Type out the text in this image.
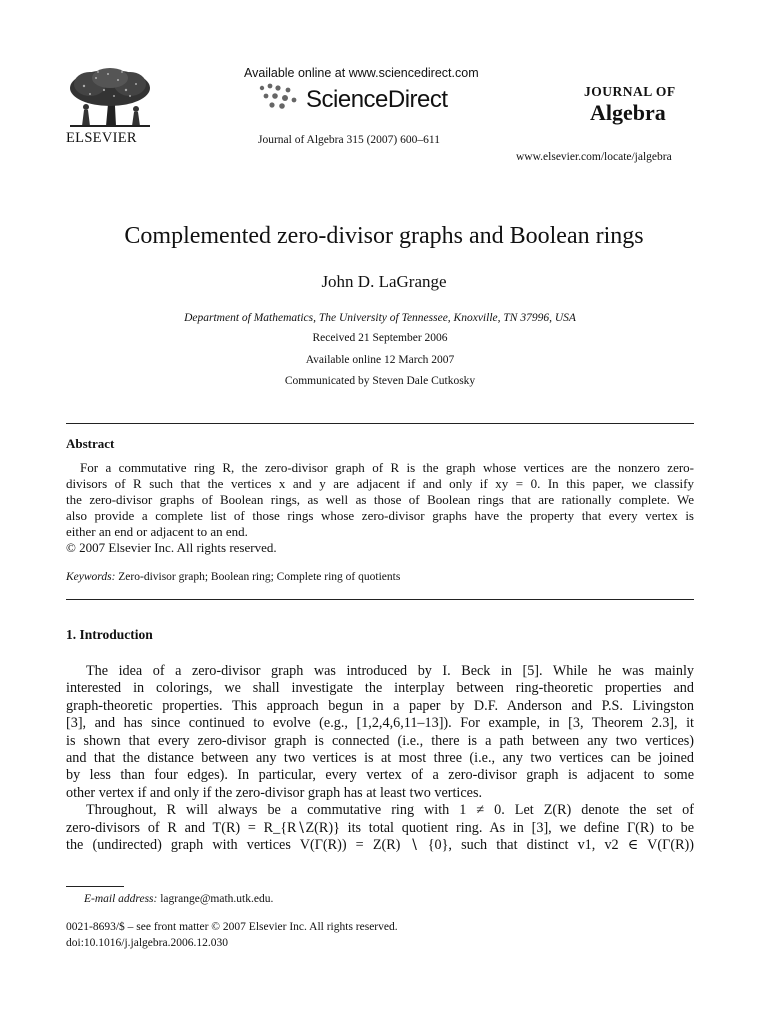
ELSEVIER
Available online at www.sciencedirect.com
ScienceDirect
Journal of Algebra 315 (2007) 600–611
JOURNAL OF
Algebra
www.elsevier.com/locate/jalgebra
Complemented zero-divisor graphs and Boolean rings
John D. LaGrange
Department of Mathematics, The University of Tennessee, Knoxville, TN 37996, USA
Received 21 September 2006
Available online 12 March 2007
Communicated by Steven Dale Cutkosky
Abstract
For a commutative ring R, the zero-divisor graph of R is the graph whose vertices are the nonzero zero-
divisors of R such that the vertices x and y are adjacent if and only if xy = 0. In this paper, we classify
the zero-divisor graphs of Boolean rings, as well as those of Boolean rings that are rationally complete. We
also provide a complete list of those rings whose zero-divisor graphs have the property that every vertex is
either an end or adjacent to an end.
© 2007 Elsevier Inc. All rights reserved.
Keywords: Zero-divisor graph; Boolean ring; Complete ring of quotients
1. Introduction
The idea of a zero-divisor graph was introduced by I. Beck in [5]. While he was mainly
interested in colorings, we shall investigate the interplay between ring-theoretic properties and
graph-theoretic properties. This approach begun in a paper by D.F. Anderson and P.S. Livingston
[3], and has since continued to evolve (e.g., [1,2,4,6,11–13]). For example, in [3, Theorem 2.3], it
is shown that every zero-divisor graph is connected (i.e., there is a path between any two vertices)
and that the distance between any two vertices is at most three (i.e., any two vertices can be joined
by less than four edges). In particular, every vertex of a zero-divisor graph is adjacent to some
other vertex if and only if the zero-divisor graph has at least two vertices.
Throughout, R will always be a commutative ring with 1 ≠ 0. Let Z(R) denote the set of
zero-divisors of R and T(R) = R_{R∖Z(R)} its total quotient ring. As in [3], we define Γ(R) to be
the (undirected) graph with vertices V(Γ(R)) = Z(R) ∖ {0}, such that distinct v1, v2 ∈ V(Γ(R))
E-mail address: lagrange@math.utk.edu.
0021-8693/$ – see front matter © 2007 Elsevier Inc. All rights reserved.
doi:10.1016/j.jalgebra.2006.12.030
